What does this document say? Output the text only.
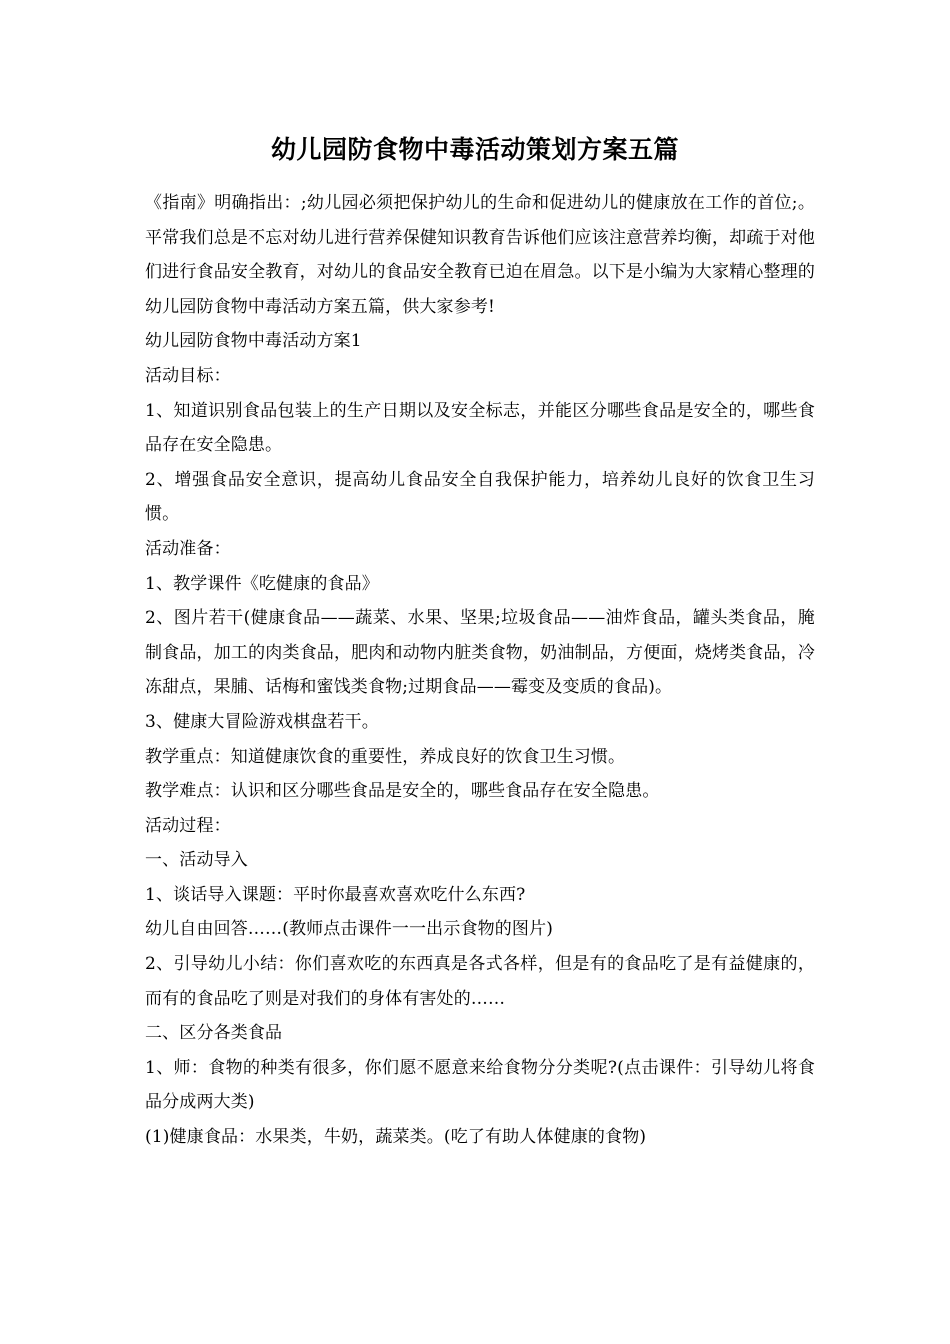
幼儿园防食物中毒活动策划方案五篇

《指南》明确指出：;幼儿园必须把保护幼儿的生命和促进幼儿的健康放在工作的首位;。平常我们总是不忘对幼儿进行营养保健知识教育告诉他们应该注意营养均衡，却疏于对他们进行食品安全教育，对幼儿的食品安全教育已迫在眉急。以下是小编为大家精心整理的幼儿园防食物中毒活动方案五篇，供大家参考!

幼儿园防食物中毒活动方案1

活动目标：

1、知道识别食品包装上的生产日期以及安全标志，并能区分哪些食品是安全的，哪些食品存在安全隐患。

2、增强食品安全意识，提高幼儿食品安全自我保护能力，培养幼儿良好的饮食卫生习惯。

活动准备：

1、教学课件《吃健康的食品》

2、图片若干(健康食品——蔬菜、水果、坚果;垃圾食品——油炸食品，罐头类食品，腌制食品，加工的肉类食品，肥肉和动物内脏类食物，奶油制品，方便面，烧烤类食品，冷冻甜点，果脯、话梅和蜜饯类食物;过期食品——霉变及变质的食品)。

3、健康大冒险游戏棋盘若干。

教学重点：知道健康饮食的重要性，养成良好的饮食卫生习惯。

教学难点：认识和区分哪些食品是安全的，哪些食品存在安全隐患。

活动过程：

一、活动导入

1、谈话导入课题：平时你最喜欢喜欢吃什么东西?

幼儿自由回答……(教师点击课件一一出示食物的图片)

2、引导幼儿小结：你们喜欢吃的东西真是各式各样，但是有的食品吃了是有益健康的，而有的食品吃了则是对我们的身体有害处的……

二、区分各类食品

1、师：食物的种类有很多，你们愿不愿意来给食物分分类呢?(点击课件：引导幼儿将食品分成两大类)

(1)健康食品：水果类，牛奶，蔬菜类。(吃了有助人体健康的食物)
